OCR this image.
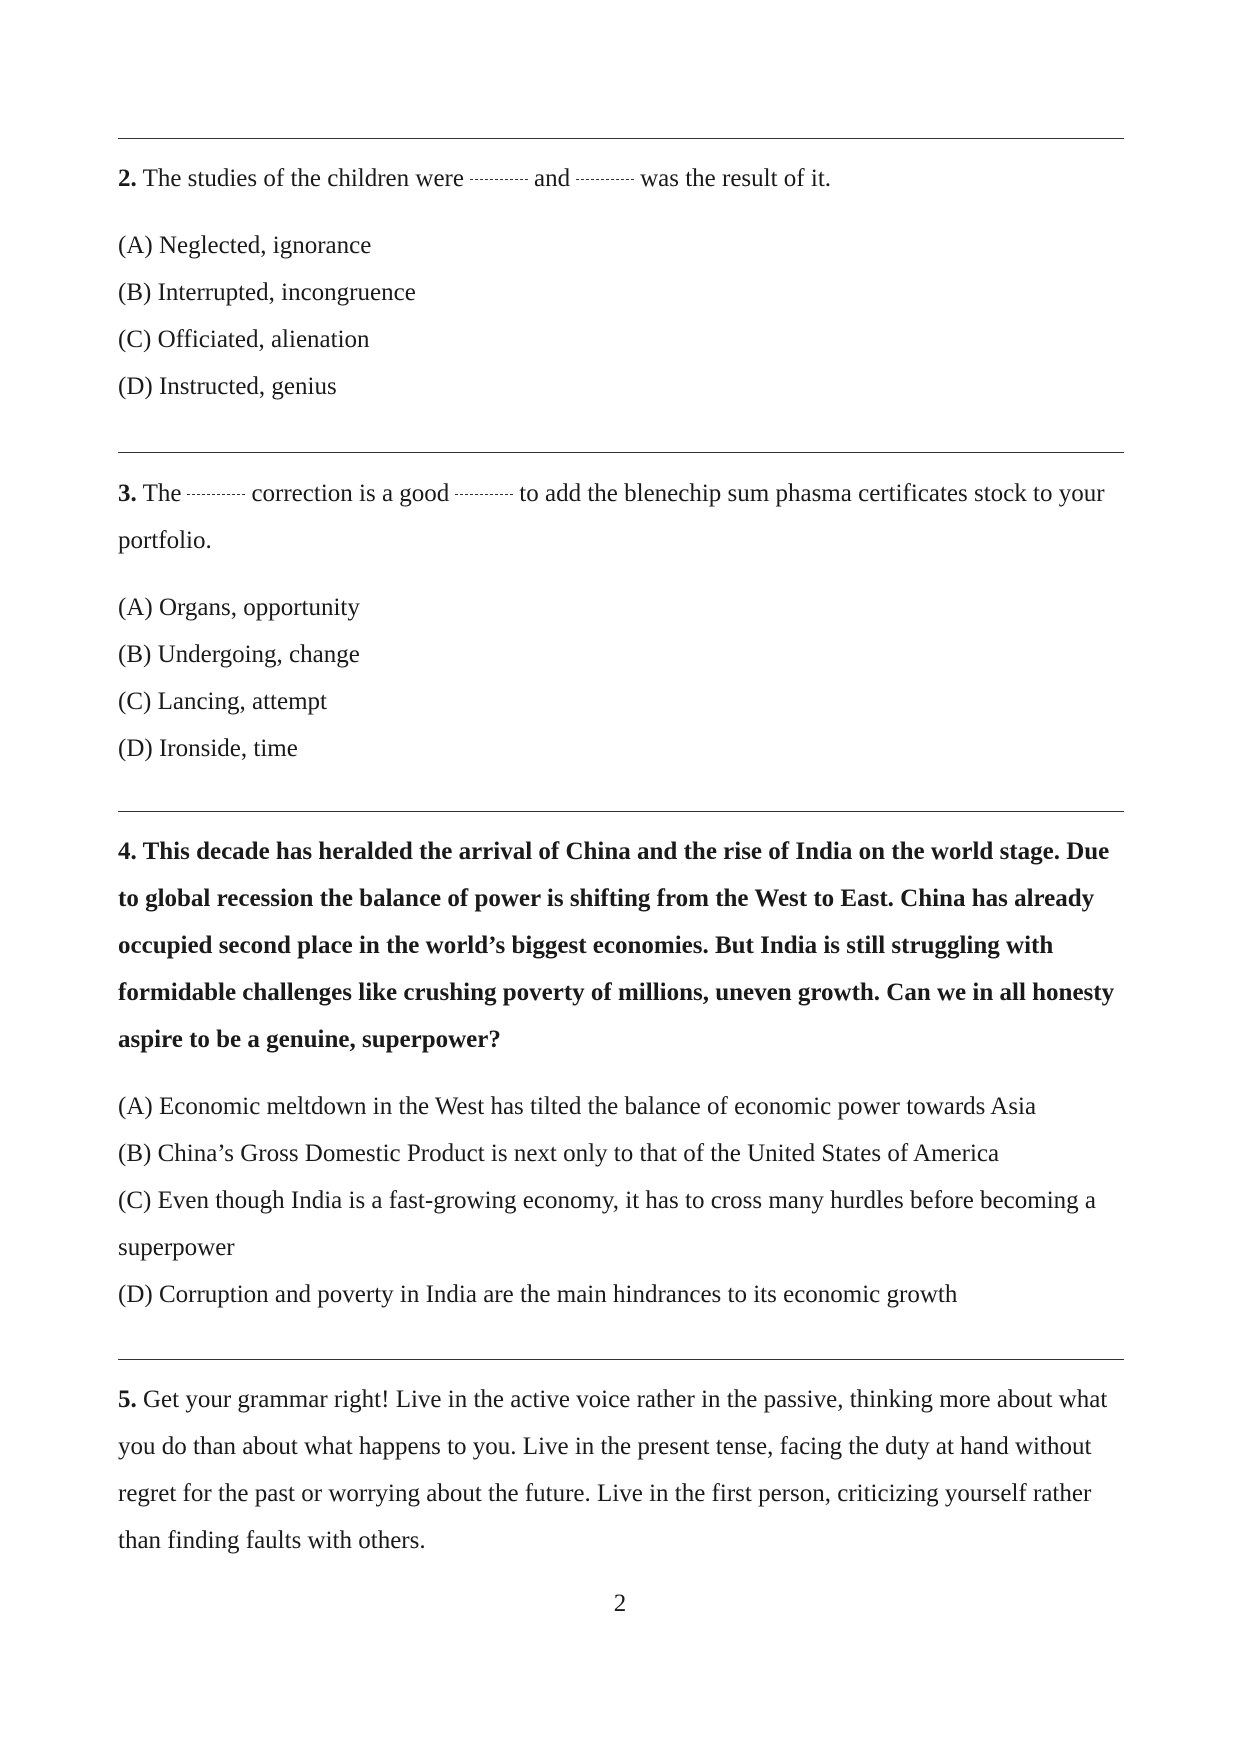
2. The studies of the children were	and	was the result of it.

(A) Neglected, ignorance

(B) Interrupted, incongruence

(C) Officiated, alienation

(D) Instructed, genius

3. The	correction is a good	to add the blenechip sum phasma certificates stock to your portfolio.

(A) Organs, opportunity

(B) Undergoing, change

(C) Lancing, attempt

(D) Ironside, time

4. This decade has heralded the arrival of China and the rise of India on the world stage. Due to global recession the balance of power is shifting from the West to East. China has already occupied second place in the world’s biggest economies. But India is still struggling with formidable challenges like crushing poverty of millions, uneven growth. Can we in all honesty aspire to be a genuine, superpower?

(A) Economic meltdown in the West has tilted the balance of economic power towards Asia

(B) China’s Gross Domestic Product is next only to that of the United States of America

(C) Even though India is a fast-growing economy, it has to cross many hurdles before becoming a superpower

(D) Corruption and poverty in India are the main hindrances to its economic growth

5. Get your grammar right! Live in the active voice rather in the passive, thinking more about what you do than about what happens to you. Live in the present tense, facing the duty at hand without regret for the past or worrying about the future. Live in the first person, criticizing yourself rather than finding faults with others.

2
